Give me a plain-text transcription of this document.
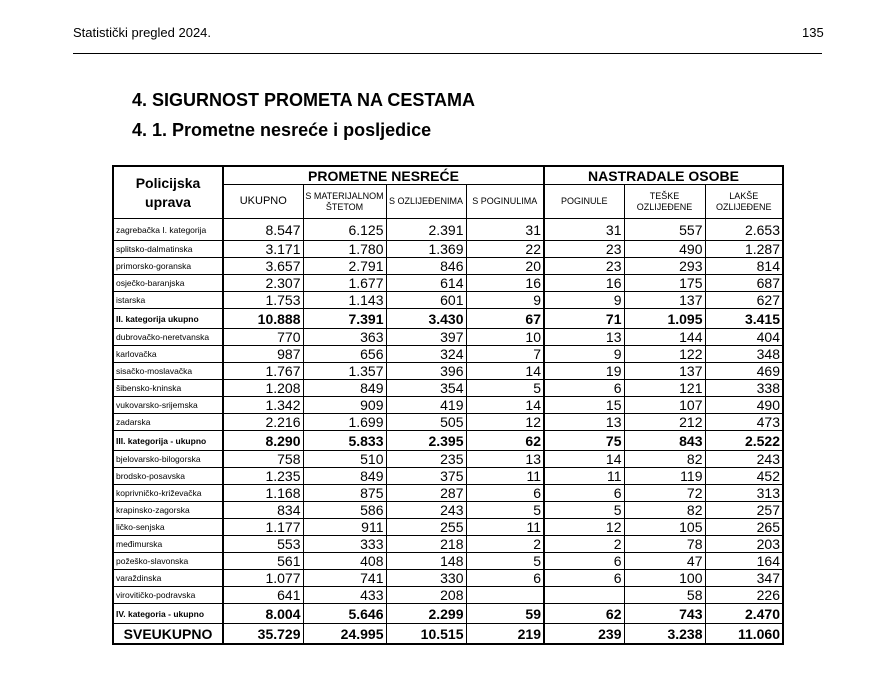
Statistički pregled 2024.	135
4. SIGURNOST PROMETA NA CESTAMA
4. 1. Prometne nesreće i posljedice
Policijska uprava	PROMETNE NESREĆE				NASTRADALE OSOBE		
	UKUPNO	S MATERIJALNOM ŠTETOM	S OZLIJEĐENIMA	S POGINULIMA	POGINULE	TEŠKE OZLIJEĐENE	LAKŠE OZLIJEĐENE
zagrebačka I. kategorija	8.547	6.125	2.391	31	31	557	2.653
splitsko-dalmatinska	3.171	1.780	1.369	22	23	490	1.287
primorsko-goranska	3.657	2.791	846	20	23	293	814
osječko-baranjska	2.307	1.677	614	16	16	175	687
istarska	1.753	1.143	601	9	9	137	627
II. kategorija ukupno	10.888	7.391	3.430	67	71	1.095	3.415
dubrovačko-neretvanska	770	363	397	10	13	144	404
karlovačka	987	656	324	7	9	122	348
sisačko-moslavačka	1.767	1.357	396	14	19	137	469
šibensko-kninska	1.208	849	354	5	6	121	338
vukovarsko-srijemska	1.342	909	419	14	15	107	490
zadarska	2.216	1.699	505	12	13	212	473
III. kategorija - ukupno	8.290	5.833	2.395	62	75	843	2.522
bjelovarsko-bilogorska	758	510	235	13	14	82	243
brodsko-posavska	1.235	849	375	11	11	119	452
koprivničko-križevačka	1.168	875	287	6	6	72	313
krapinsko-zagorska	834	586	243	5	5	82	257
ličko-senjska	1.177	911	255	11	12	105	265
međimurska	553	333	218	2	2	78	203
požeško-slavonska	561	408	148	5	6	47	164
varaždinska	1.077	741	330	6	6	100	347
virovitičko-podravska	641	433	208			58	226
IV. kategoria - ukupno	8.004	5.646	2.299	59	62	743	2.470
SVEUKUPNO	35.729	24.995	10.515	219	239	3.238	11.060
